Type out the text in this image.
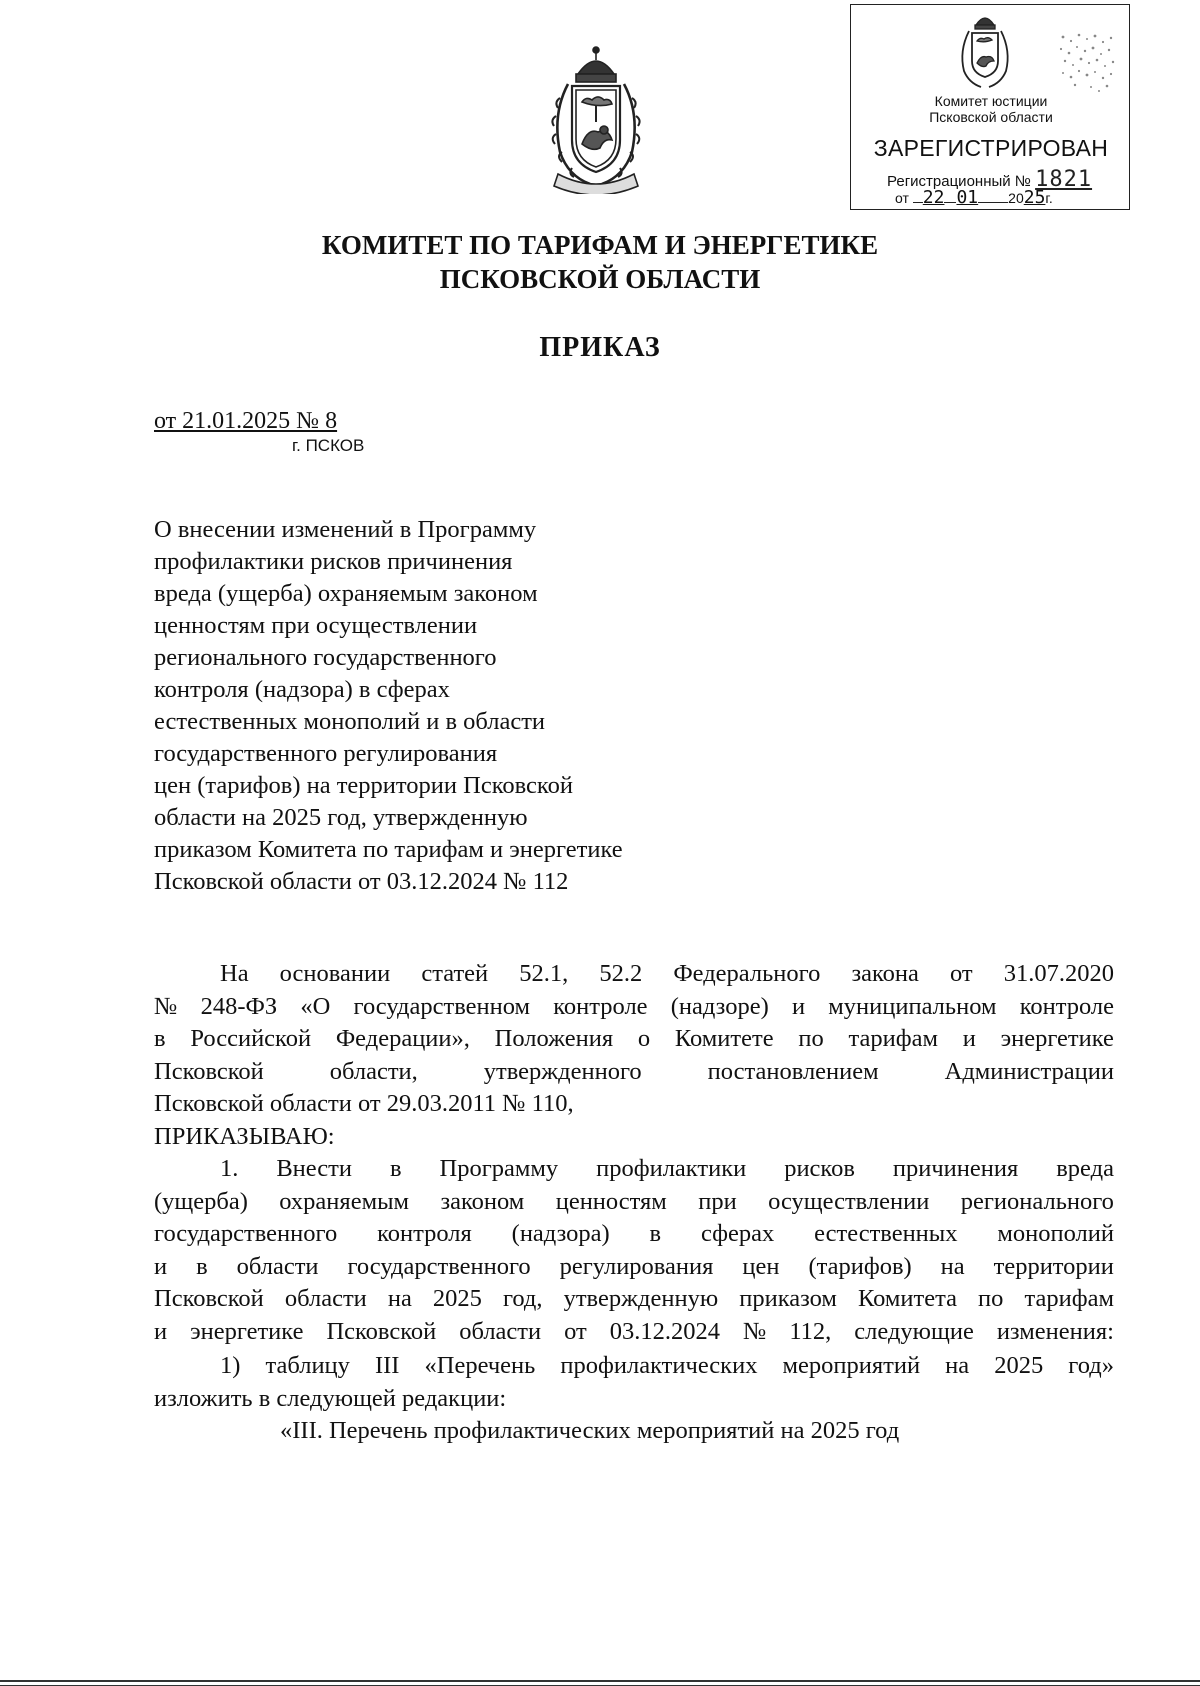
Комитет юстиции
Псковской области
ЗАРЕГИСТРИРОВАН
Регистрационный № 1821
от 22 01 2025г.
КОМИТЕТ ПО ТАРИФАМ И ЭНЕРГЕТИКЕ
ПСКОВСКОЙ ОБЛАСТИ
ПРИКАЗ
от 21.01.2025 № 8
г. ПСКОВ
О внесении изменений в Программу
профилактики рисков причинения
вреда (ущерба) охраняемым законом
ценностям при осуществлении
регионального государственного
контроля (надзора) в сферах
естественных монополий и в области
государственного регулирования
цен (тарифов) на территории Псковской
области на 2025 год, утвержденную
приказом Комитета по тарифам и энергетике
Псковской области от 03.12.2024 № 112
На основании статей 52.1, 52.2 Федерального закона от 31.07.2020
№ 248-ФЗ «О государственном контроле (надзоре) и муниципальном контроле
в Российской Федерации», Положения о Комитете по тарифам и энергетике
Псковской	области,	утвержденного	постановлением	Администрации
Псковской области от 29.03.2011 № 110,
ПРИКАЗЫВАЮ:
1. Внести в Программу профилактики рисков причинения вреда
(ущерба) охраняемым законом ценностям при осуществлении регионального
государственного контроля (надзора) в сферах естественных монополий
и в области государственного регулирования цен (тарифов) на территории
Псковской области на 2025 год, утвержденную приказом Комитета по тарифам
и энергетике Псковской области от 03.12.2024 № 112, следующие изменения:
1) таблицу III «Перечень профилактических мероприятий на 2025 год»
изложить в следующей редакции:
«III. Перечень профилактических мероприятий на 2025 год
